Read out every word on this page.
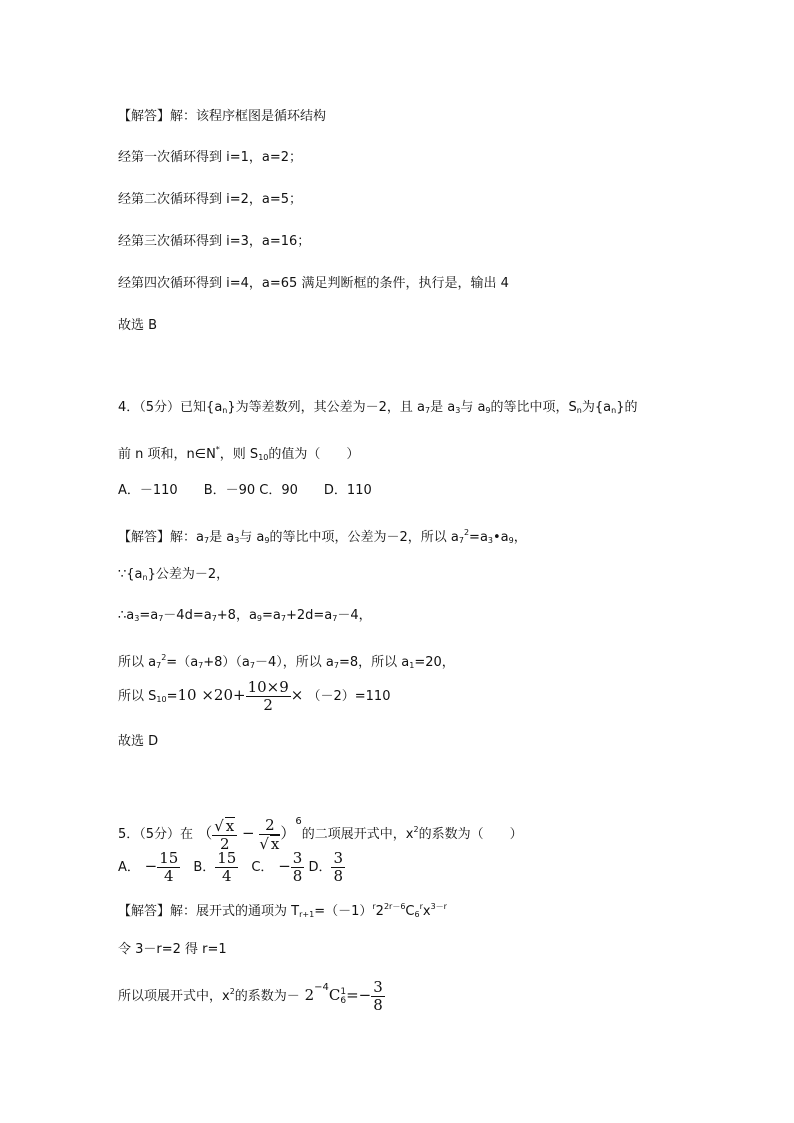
【解答】解：该程序框图是循环结构
经第一次循环得到 i=1，a=2；
经第二次循环得到 i=2，a=5；
经第三次循环得到 i=3，a=16；
经第四次循环得到 i=4，a=65 满足判断框的条件，执行是，输出 4
故选 B
4．（5分）已知$\{a_n\}$为等差数列，其公差为－2，且 $a_7$是 $a_3$与 $a_9$的等比中项，$S_n$为$\{a_n\}$的
前 n 项和，n∈N*，则 $S_{10}$的值为（　　）
A．－110　　B．－90 C．90　　D．110
【解答】解：$a_7$是 $a_3$与 $a_9$的等比中项，公差为－2，所以 $a_7^2=a_3•a_9$，
$\because\{a_n\}$公差为－2，
$\therefore a_3=a_7-4d=a_7+8$，$a_9=a_7+2d=a_7-4$，
所以 $a_7^2=(a_7+8)(a_7-4)$，所以 $a_7=8$，所以 $a_1=20$，
所以 $S_{10}=10 \times 20+ \frac{10\times 9}{2} \times (-2)=110$
故选 D
5．（5分）在 （ $\frac{√ x}{2} - \frac{2}{√ x} )^6$的二项展开式中，$x^2$的系数为（　　）
A． − $\frac{15}{4}$ 　B． $\frac{15}{4}$ 　C． − $\frac{3}{8}$ D． $\frac{3}{8}$
【解答】解：展开式的通项为 $T_{r+1}=(-1)^r2^{2r-6}C_6^rx^{3-r}$
令 3－r=2 得 r=1
所以项展开式中，$x^2$的系数为－ $2^{-4}C$ 1
$6 =- \frac{3}{8}$
